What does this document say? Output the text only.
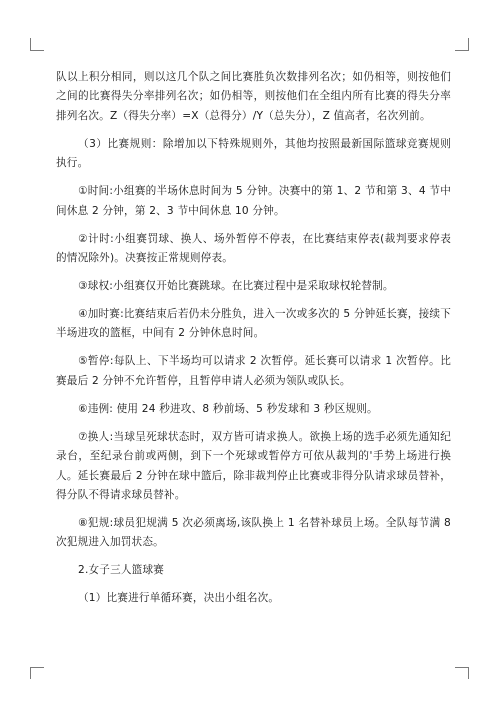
队以上积分相同，则以这几个队之间比赛胜负次数排列名次；如仍相等，则按他们之间的比赛得失分率排列名次；如仍相等，则按他们在全组内所有比赛的得失分率排列名次。Z（得失分率）=X（总得分）/Y（总失分），Z 值高者，名次列前。

（3）比赛规则：除增加以下特殊规则外，其他均按照最新国际篮球竞赛规则执行。

①时间:小组赛的半场休息时间为 5 分钟。决赛中的第 1、2 节和第 3、4 节中间休息 2 分钟，第 2、3 节中间休息 10 分钟。

②计时:小组赛罚球、换人、场外暂停不停表，在比赛结束停表(裁判要求停表的情况除外)。决赛按正常规则停表。

③球权:小组赛仅开始比赛跳球。在比赛过程中是采取球权轮替制。

④加时赛:比赛结束后若仍未分胜负，进入一次或多次的 5 分钟延长赛，接续下半场进攻的篮框，中间有 2 分钟休息时间。

⑤暂停:每队上、下半场均可以请求 2 次暂停。延长赛可以请求 1 次暂停。比赛最后 2 分钟不允许暂停，且暂停申请人必须为领队或队长。

⑥违例: 使用 24 秒进攻、8 秒前场、5 秒发球和 3 秒区规则。

⑦换人:当球呈死球状态时，双方皆可请求换人。欲换上场的选手必须先通知纪录台，至纪录台前或两侧，到下一个死球或暂停方可依从裁判的'手势上场进行换人。延长赛最后 2 分钟在球中篮后，除非裁判停止比赛或非得分队请求球员替补，得分队不得请求球员替补。

⑧犯规:球员犯规满 5 次必须离场,该队换上 1 名替补球员上场。全队每节满 8 次犯规进入加罚状态。

2.女子三人篮球赛

（1）比赛进行单循环赛，决出小组名次。
